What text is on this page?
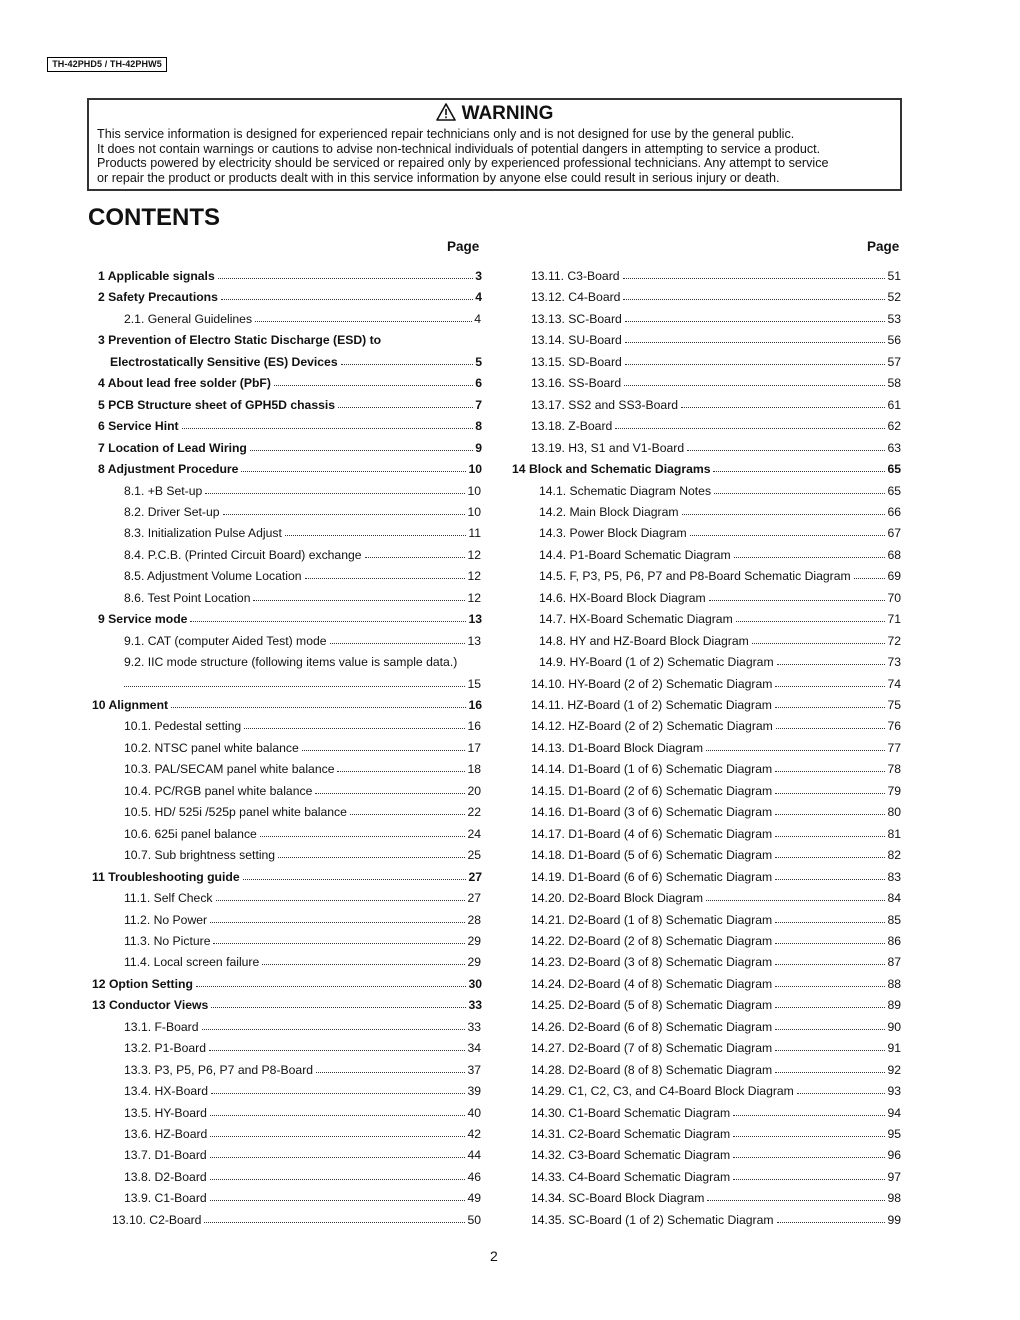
TH-42PHD5 / TH-42PHW5
WARNING
This service information is designed for experienced repair technicians only and is not designed for use by the general public.
It does not contain warnings or cautions to advise non-technical individuals of potential dangers in attempting to service a product.
Products powered by electricity should be serviced or repaired only by experienced professional technicians. Any attempt to service
or repair the product or products dealt with in this service information by anyone else could result in serious injury or death.
CONTENTS
Page	Page
1 Applicable signals	3
2 Safety Precautions	4
2.1. General Guidelines	4
3 Prevention of Electro Static Discharge (ESD) to
Electrostatically Sensitive (ES) Devices	5
4 About lead free solder (PbF)	6
5 PCB Structure sheet of GPH5D chassis	7
6 Service Hint	8
7 Location of Lead Wiring	9
8 Adjustment Procedure	10
8.1. +B Set-up	10
8.2. Driver Set-up	10
8.3. Initialization Pulse Adjust	11
8.4. P.C.B. (Printed Circuit Board) exchange	12
8.5. Adjustment Volume Location	12
8.6. Test Point Location	12
9 Service mode	13
9.1. CAT (computer Aided Test) mode	13
9.2. IIC mode structure (following items value is sample data.)
15
10 Alignment	16
10.1. Pedestal setting	16
10.2. NTSC panel white balance	17
10.3. PAL/SECAM panel white balance	18
10.4. PC/RGB panel white balance	20
10.5. HD/ 525i /525p panel white balance	22
10.6. 625i panel balance	24
10.7. Sub brightness setting	25
11 Troubleshooting guide	27
11.1. Self Check	27
11.2. No Power	28
11.3. No Picture	29
11.4. Local screen failure	29
12 Option Setting	30
13 Conductor Views	33
13.1. F-Board	33
13.2. P1-Board	34
13.3. P3, P5, P6, P7 and P8-Board	37
13.4. HX-Board	39
13.5. HY-Board	40
13.6. HZ-Board	42
13.7. D1-Board	44
13.8. D2-Board	46
13.9. C1-Board	49
13.10. C2-Board	50
13.11. C3-Board	51
13.12. C4-Board	52
13.13. SC-Board	53
13.14. SU-Board	56
13.15. SD-Board	57
13.16. SS-Board	58
13.17. SS2 and SS3-Board	61
13.18. Z-Board	62
13.19. H3, S1 and V1-Board	63
14 Block and Schematic Diagrams	65
14.1. Schematic Diagram Notes	65
14.2. Main Block Diagram	66
14.3. Power Block Diagram	67
14.4. P1-Board Schematic Diagram	68
14.5. F, P3, P5, P6, P7 and P8-Board Schematic Diagram	69
14.6. HX-Board Block Diagram	70
14.7. HX-Board Schematic Diagram	71
14.8. HY and HZ-Board Block Diagram	72
14.9. HY-Board (1 of 2) Schematic Diagram	73
14.10. HY-Board (2 of 2) Schematic Diagram	74
14.11. HZ-Board (1 of 2) Schematic Diagram	75
14.12. HZ-Board (2 of 2) Schematic Diagram	76
14.13. D1-Board Block Diagram	77
14.14. D1-Board (1 of 6) Schematic Diagram	78
14.15. D1-Board (2 of 6) Schematic Diagram	79
14.16. D1-Board (3 of 6) Schematic Diagram	80
14.17. D1-Board (4 of 6) Schematic Diagram	81
14.18. D1-Board (5 of 6) Schematic Diagram	82
14.19. D1-Board (6 of 6) Schematic Diagram	83
14.20. D2-Board Block Diagram	84
14.21. D2-Board (1 of 8) Schematic Diagram	85
14.22. D2-Board (2 of 8) Schematic Diagram	86
14.23. D2-Board (3 of 8) Schematic Diagram	87
14.24. D2-Board (4 of 8) Schematic Diagram	88
14.25. D2-Board (5 of 8) Schematic Diagram	89
14.26. D2-Board (6 of 8) Schematic Diagram	90
14.27. D2-Board (7 of 8) Schematic Diagram	91
14.28. D2-Board (8 of 8) Schematic Diagram	92
14.29. C1, C2, C3, and C4-Board Block Diagram	93
14.30. C1-Board Schematic Diagram	94
14.31. C2-Board Schematic Diagram	95
14.32. C3-Board Schematic Diagram	96
14.33. C4-Board Schematic Diagram	97
14.34. SC-Board Block Diagram	98
14.35. SC-Board (1 of 2) Schematic Diagram	99
2
